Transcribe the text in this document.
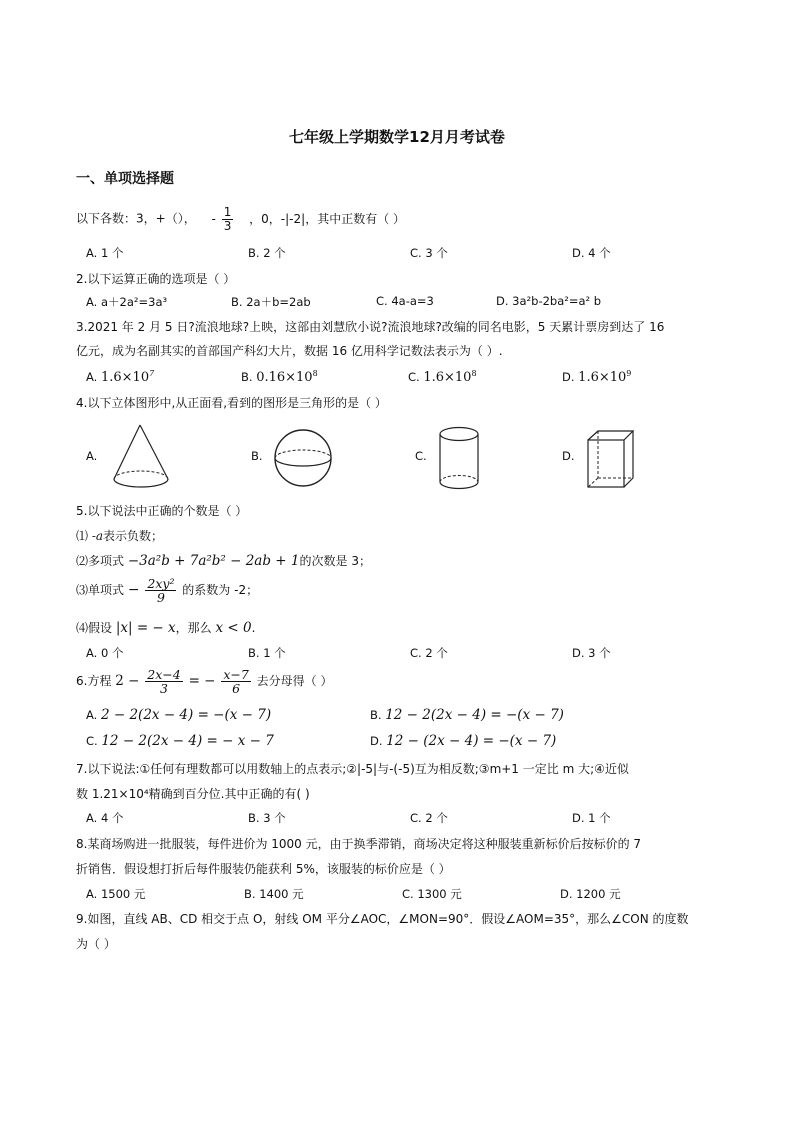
七年级上学期数学12月月考试卷
一、单项选择题
以下各数：3，+（）， - $\frac{1}{3}$ ，0，-|-2|，其中正数有（ ）
A. 1 个	B. 2 个	C. 3 个	D. 4 个
2.以下运算正确的选项是（ ）
A. a＋2a²=3a³	B. 2a＋b=2ab	C. 4a-a=3	D. 3a²b-2ba²=a² b
3.2021 年 2 月 5 日?流浪地球?上映，这部由刘慧欣小说?流浪地球?改编的同名电影，5 天累计票房到达了 16
亿元，成为名副其实的首部国产科幻大片，数据 16 亿用科学记数法表示为（ ）.
A. $1.6\times 10^7$	B. $0.16\times 10^8$	C. $1.6\times 10^8$	D. $1.6\times 10^9$
4.以下立体图形中,从正面看,看到的图形是三角形的是（ ）
A.	B.	C.	D.
5.以下说法中正确的个数是（ ）
⑴ -a表示负数；
⑵多项式 −3a²b + 7a²b² − 2ab + 1的次数是 3；
⑶单项式 − $\frac{\text{2xy²}}{9}$ 的系数为 -2；
⑷假设 |x| = − x，那么 x < 0.
A. 0 个	B. 1 个	C. 2 个	D. 3 个
6.方程 $2 - \frac{2x-4}{3}$ = − $\frac{x-7}{6}$ 去分母得（ ）
A. 2 − 2(2x − 4) = −(x − 7)	B. 12 − 2(2x − 4) = −(x − 7)
C. 12 − 2(2x − 4) = − x − 7	D. 12 − (2x − 4) = −(x − 7)
7.以下说法:①任何有理数都可以用数轴上的点表示;②|-5|与-(-5)互为相反数;③m+1 一定比 m 大;④近似
数 1.21×10⁴精确到百分位.其中正确的有( )
A. 4 个	B. 3 个	C. 2 个	D. 1 个
8.某商场购进一批服装，每件进价为 1000 元，由于换季滞销，商场决定将这种服装重新标价后按标价的 7
折销售．假设想打折后每件服装仍能获利 5%，该服装的标价应是（ ）
A. 1500 元	B. 1400 元	C. 1300 元	D. 1200 元
9.如图，直线 AB、CD 相交于点 O，射线 OM 平分∠AOC，∠MON=90°．假设∠AOM=35°，那么∠CON 的度数
为（ ）
